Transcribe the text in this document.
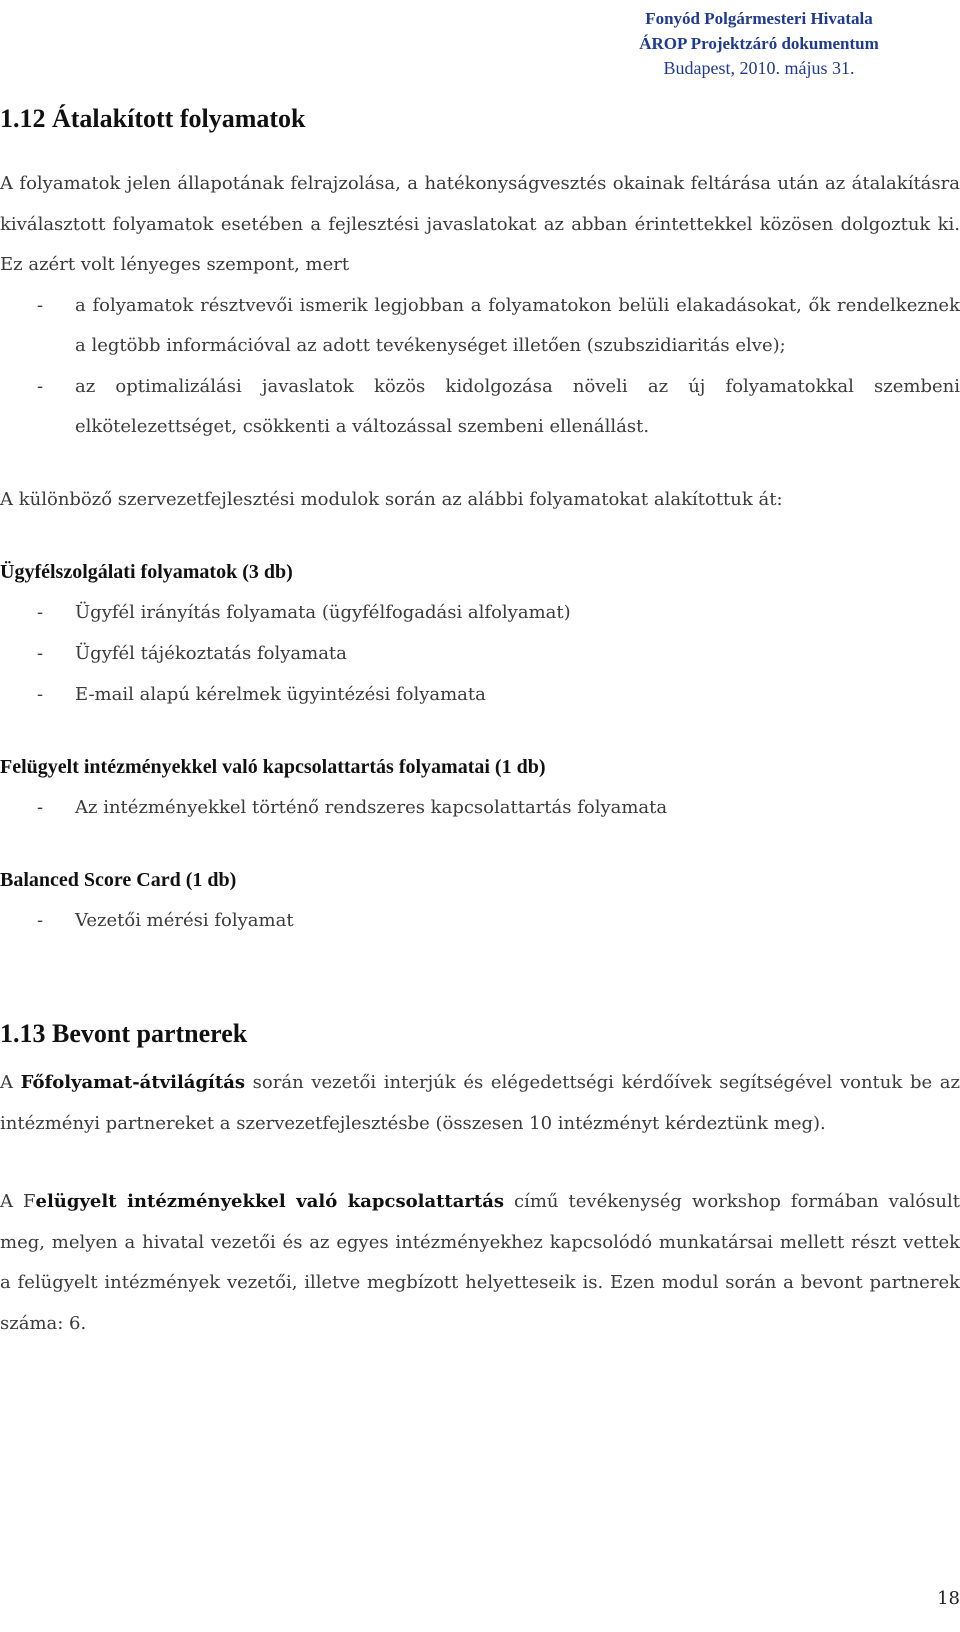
Fonyód Polgármesteri Hivatala
ÁROP Projektzáró dokumentum
Budapest, 2010. május 31.
1.12 Átalakított folyamatok

A folyamatok jelen állapotának felrajzolása, a hatékonyságvesztés okainak feltárása után az átalakításra kiválasztott folyamatok esetében a fejlesztési javaslatokat az abban érintettekkel közösen dolgoztuk ki. Ez azért volt lényeges szempont, mert

- a folyamatok résztvevői ismerik legjobban a folyamatokon belüli elakadásokat, ők rendelkeznek a legtöbb információval az adott tevékenységet illetően (szubszidiaritás elve);
- az optimalizálási javaslatok közös kidolgozása növeli az új folyamatokkal szembeni elkötelezettséget, csökkenti a változással szembeni ellenállást.

A különböző szervezetfejlesztési modulok során az alábbi folyamatokat alakítottuk át:

Ügyfélszolgálati folyamatok (3 db)
- Ügyfél irányítás folyamata (ügyfélfogadási alfolyamat)
- Ügyfél tájékoztatás folyamata
- E-mail alapú kérelmek ügyintézési folyamata
Felügyelt intézményekkel való kapcsolattartás folyamatai (1 db)
- Az intézményekkel történő rendszeres kapcsolattartás folyamata
Balanced Score Card (1 db)
- Vezetői mérési folyamat
1.13 Bevont partnerek

A Főfolyamat-átvilágítás során vezetői interjúk és elégedettségi kérdőívek segítségével vontuk be az intézményi partnereket a szervezetfejlesztésbe (összesen 10 intézményt kérdeztünk meg).

A Felügyelt intézményekkel való kapcsolattartás című tevékenység workshop formában valósult meg, melyen a hivatal vezetői és az egyes intézményekhez kapcsolódó munkatársai mellett részt vettek a felügyelt intézmények vezetői, illetve megbízott helyetteseik is. Ezen modul során a bevont partnerek száma: 6.

18
